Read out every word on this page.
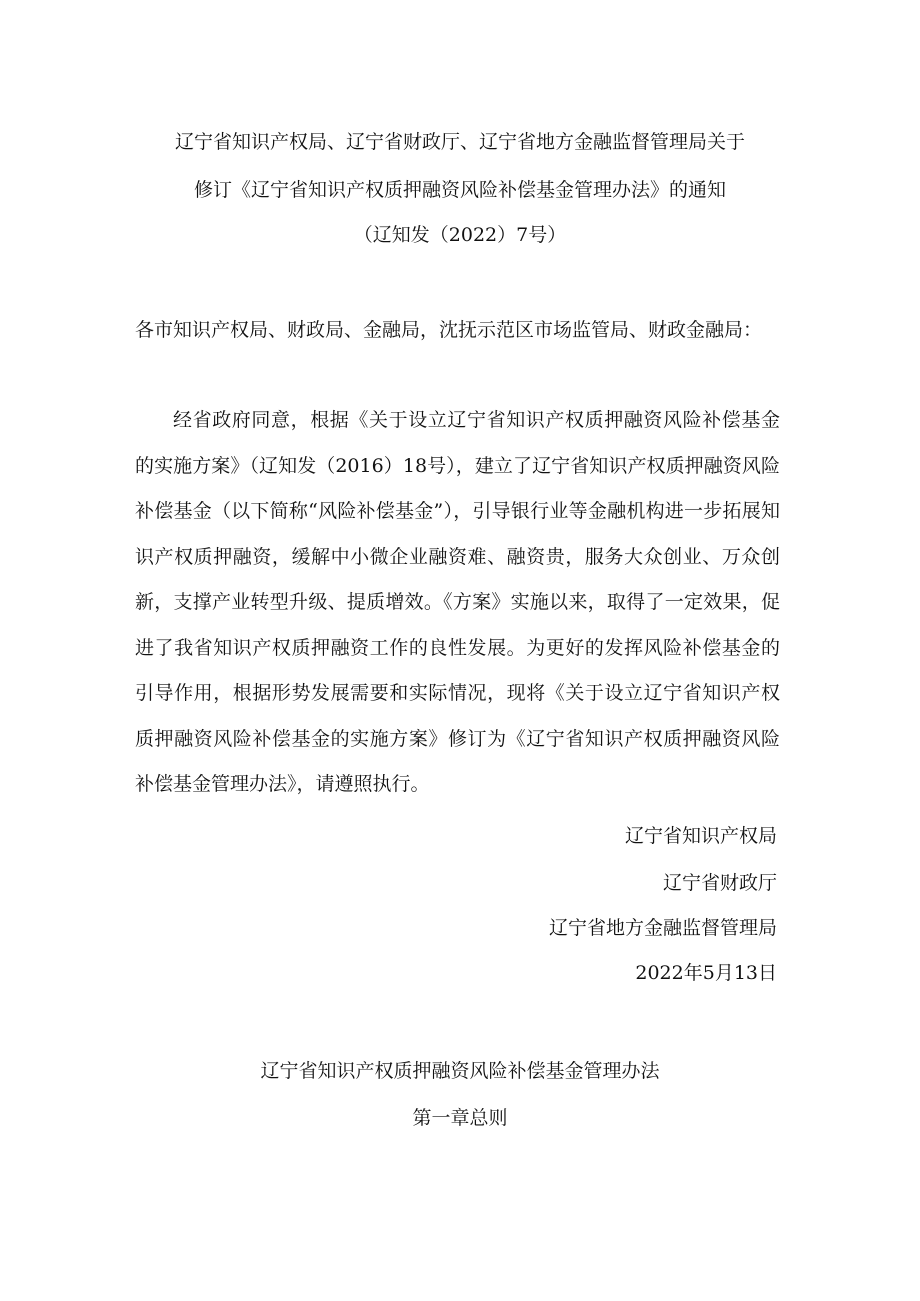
辽宁省知识产权局、辽宁省财政厅、辽宁省地方金融监督管理局关于
修订《辽宁省知识产权质押融资风险补偿基金管理办法》的通知
（辽知发（2022）7号）
各市知识产权局、财政局、金融局，沈抚示范区市场监管局、财政金融局：
经省政府同意，根据《关于设立辽宁省知识产权质押融资风险补偿基金的实施方案》（辽知发（2016）18号），建立了辽宁省知识产权质押融资风险补偿基金（以下简称“风险补偿基金”），引导银行业等金融机构进一步拓展知识产权质押融资，缓解中小微企业融资难、融资贵，服务大众创业、万众创新，支撑产业转型升级、提质增效。《方案》实施以来，取得了一定效果，促进了我省知识产权质押融资工作的良性发展。为更好的发挥风险补偿基金的引导作用，根据形势发展需要和实际情况，现将《关于设立辽宁省知识产权质押融资风险补偿基金的实施方案》修订为《辽宁省知识产权质押融资风险补偿基金管理办法》，请遵照执行。
辽宁省知识产权局
辽宁省财政厅
辽宁省地方金融监督管理局
2022年5月13日
辽宁省知识产权质押融资风险补偿基金管理办法
第一章总则
